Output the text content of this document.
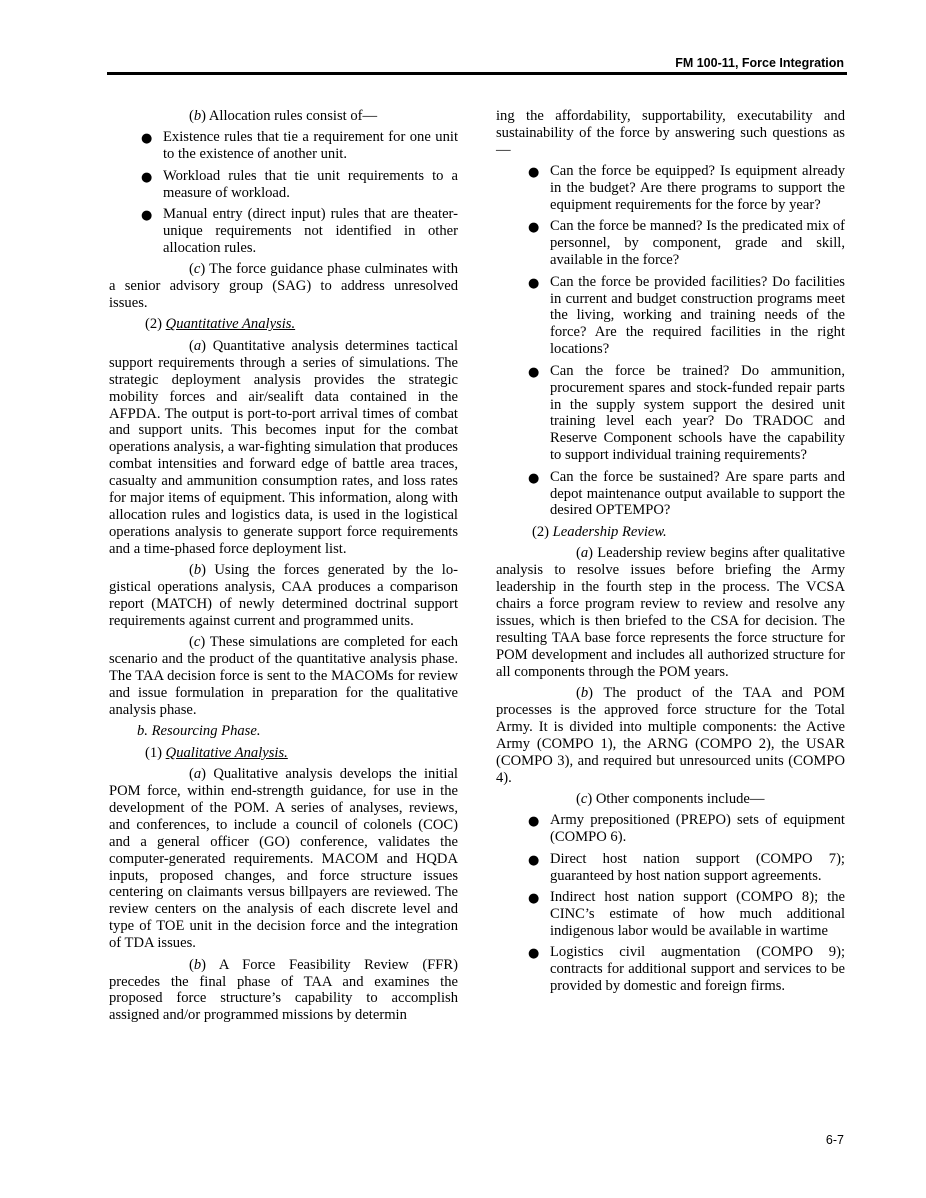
FM 100-11, Force Integration

(b) Allocation rules consist of—

● Existence rules that tie a requirement for one unit to the existence of another unit.
● Workload rules that tie unit requirements to a measure of workload.
● Manual entry (direct input) rules that are theater-unique requirements not identified in other allocation rules.

(c) The force guidance phase culminates with a senior advisory group (SAG) to address unresolved issues.

(2) Quantitative Analysis.

(a) Quantitative analysis determines tactical support requirements through a series of simulations. The strategic deployment analysis provides the strategic mobility forces and air/sealift data contained in the AFPDA. The output is port-to-port arrival times of combat and support units. This becomes input for the combat operations analysis, a war-fighting simulation that produces combat intensities and forward edge of battle area traces, casualty and ammunition consumption rates, and loss rates for major items of equipment. This information, along with allocation rules and logistics data, is used in the logistical operations analysis to generate support force requirements and a time-phased force deployment list.

(b) Using the forces generated by the logistical operations analysis, CAA produces a comparison report (MATCH) of newly determined doctrinal support requirements against current and programmed units.

(c) These simulations are completed for each scenario and the product of the quantitative analysis phase. The TAA decision force is sent to the MACOMs for review and issue formulation in preparation for the qualitative analysis phase.

b. Resourcing Phase.

(1) Qualitative Analysis.

(a) Qualitative analysis develops the initial POM force, within end-strength guidance, for use in the development of the POM. A series of analyses, reviews, and conferences, to include a council of colonels (COC) and a general officer (GO) conference, validates the computer-generated requirements. MACOM and HQDA inputs, proposed changes, and force structure issues centering on claimants versus billpayers are reviewed. The review centers on the analysis of each discrete level and type of TOE unit in the decision force and the integration of TDA issues.

(b) A Force Feasibility Review (FFR) precedes the final phase of TAA and examines the proposed force structure’s capability to accomplish assigned and/or programmed missions by determin

ing the affordability, supportability, executability and sustainability of the force by answering such questions as—

● Can the force be equipped? Is equipment already in the budget? Are there programs to support the equipment requirements for the force by year?
● Can the force be manned? Is the predicated mix of personnel, by component, grade and skill, available in the force?
● Can the force be provided facilities? Do facilities in current and budget construction programs meet the living, working and training needs of the force? Are the required facilities in the right locations?
● Can the force be trained? Do ammunition, procurement spares and stock-funded repair parts in the supply system support the desired unit training level each year? Do TRADOC and Reserve Component schools have the capability to support individual training requirements?
● Can the force be sustained? Are spare parts and depot maintenance output available to support the desired OPTEMPO?

(2) Leadership Review.

(a) Leadership review begins after qualitative analysis to resolve issues before briefing the Army leadership in the fourth step in the process. The VCSA chairs a force program review to review and resolve any issues, which is then briefed to the CSA for decision. The resulting TAA base force represents the force structure for POM development and includes all authorized structure for all components through the POM years.

(b) The product of the TAA and POM processes is the approved force structure for the Total Army. It is divided into multiple components: the Active Army (COMPO 1), the ARNG (COMPO 2), the USAR (COMPO 3), and required but unresourced units (COMPO 4).

(c) Other components include—

● Army prepositioned (PREPO) sets of equipment (COMPO 6).
● Direct host nation support (COMPO 7); guaranteed by host nation support agreements.
● Indirect host nation support (COMPO 8); the CINC’s estimate of how much additional indigenous labor would be available in wartime
● Logistics civil augmentation (COMPO 9); contracts for additional support and services to be provided by domestic and foreign firms.
6-7
